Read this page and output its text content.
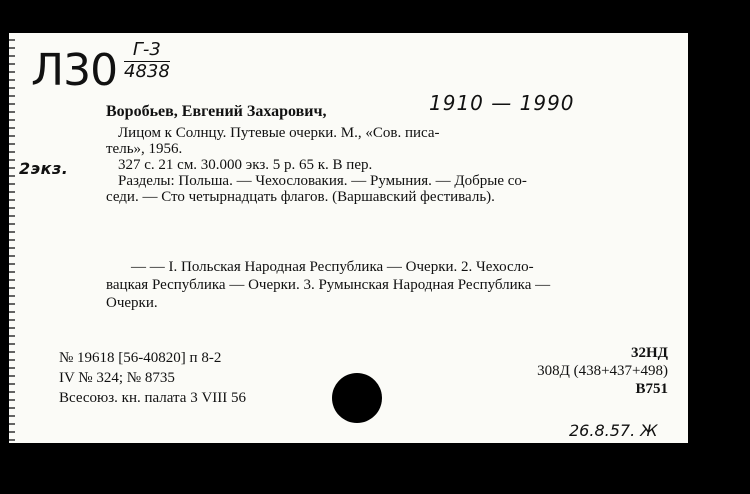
Л30 Г-3
4838
Воробьев, Евгений Захарович,	1910 — 1990

Лицом к Солнцу. Путевые очерки. М., «Сов. писа-

тель», 1956.

327 с. 21 см. 30.000 экз. 5 р. 65 к. В пер.

Разделы: Польша. — Чехословакия. — Румыния. — Добрые со-

седи. — Сто четырнадцать флагов. (Варшавский фестиваль).

2экз.

— — I. Польская Народная Республика — Очерки. 2. Чехосло-

вацкая Республика — Очерки. 3. Румынская Народная Республика —

Очерки.

№ 19618 [56-40820] п 8-2
IV № 324; № 8735
Всесоюз. кн. палата 3 VIII 56
32НД
308Д (438+437+498)
В751
26.8.57. Ж
